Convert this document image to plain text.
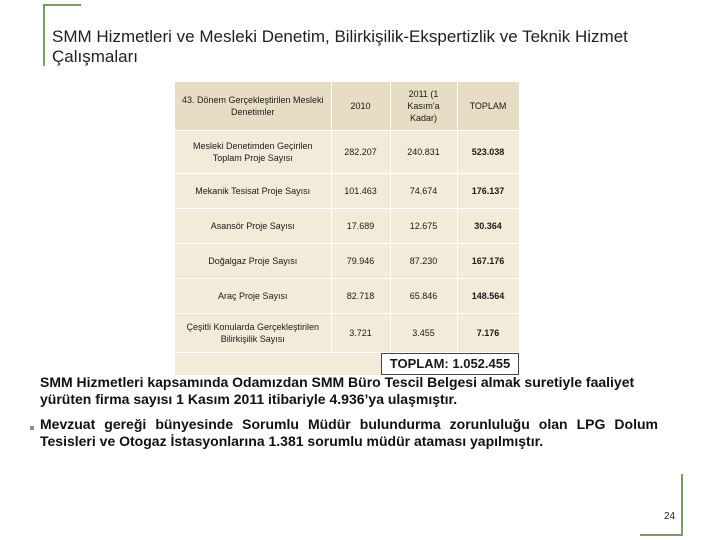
SMM Hizmetleri ve Mesleki Denetim, Bilirkişilik-Ekspertizlik ve Teknik Hizmet Çalışmaları
43. Dönem Gerçekleştirilen Mesleki Denetimler	2010	2011 (1 Kasım'a Kadar)	TOPLAM
Mesleki Denetimden Geçirilen Toplam Proje Sayısı	282.207	240.831	523.038
Mekanik Tesisat Proje Sayısı	101.463	74.674	176.137
Asansör Proje Sayısı	17.689	12.675	30.364
Doğalgaz Proje Sayısı	79.946	87.230	167.176
Araç Proje Sayısı	82.718	65.846	148.564
Çeşitli Konularda Gerçekleştirilen Bilirkişilik Sayısı	3.721	3.455	7.176
TOPLAM: 1.052.455
SMM Hizmetleri kapsamında Odamızdan SMM Büro Tescil Belgesi almak suretiyle faaliyet yürüten firma sayısı 1 Kasım 2011 itibariyle 4.936’ya ulaşmıştır.
Mevzuat gereği bünyesinde Sorumlu Müdür bulundurma zorunluluğu olan LPG Dolum Tesisleri ve Otogaz İstasyonlarına 1.381 sorumlu müdür ataması yapılmıştır.
24
